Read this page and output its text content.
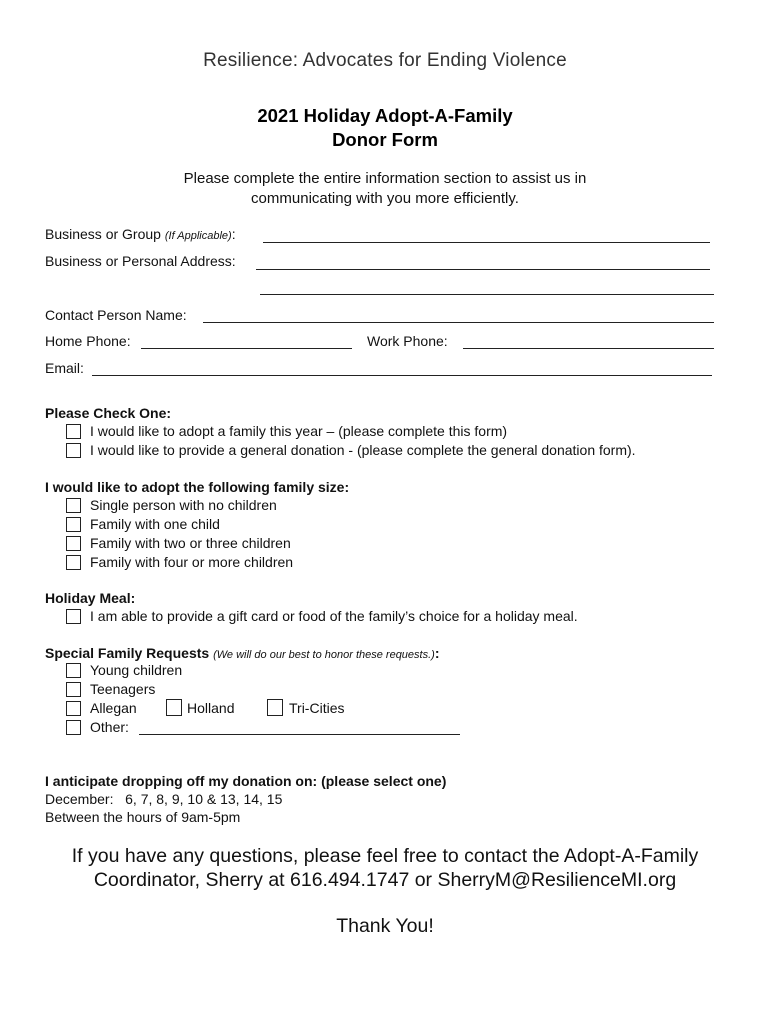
Resilience: Advocates for Ending Violence
2021 Holiday Adopt-A-Family
Donor Form
Please complete the entire information section to assist us in
communicating with you more efficiently.
Business or Group (If Applicable):
Business or Personal Address:
Contact Person Name:
Home Phone:	Work Phone:
Email:
Please Check One:
I would like to adopt a family this year – (please complete this form)
I would like to provide a general donation - (please complete the general donation form).
I would like to adopt the following family size:
Single person with no children
Family with one child
Family with two or three children
Family with four or more children
Holiday Meal:
I am able to provide a gift card or food of the family’s choice for a holiday meal.
Special Family Requests (We will do our best to honor these requests.):
Young children
Teenagers
Allegan	Holland	Tri-Cities
Other:
I anticipate dropping off my donation on: (please select one)
December: 6, 7, 8, 9, 10 & 13, 14, 15
Between the hours of 9am-5pm
If you have any questions, please feel free to contact the Adopt-A-Family
Coordinator, Sherry at 616.494.1747 or SherryM@ResilienceMI.org
Thank You!
